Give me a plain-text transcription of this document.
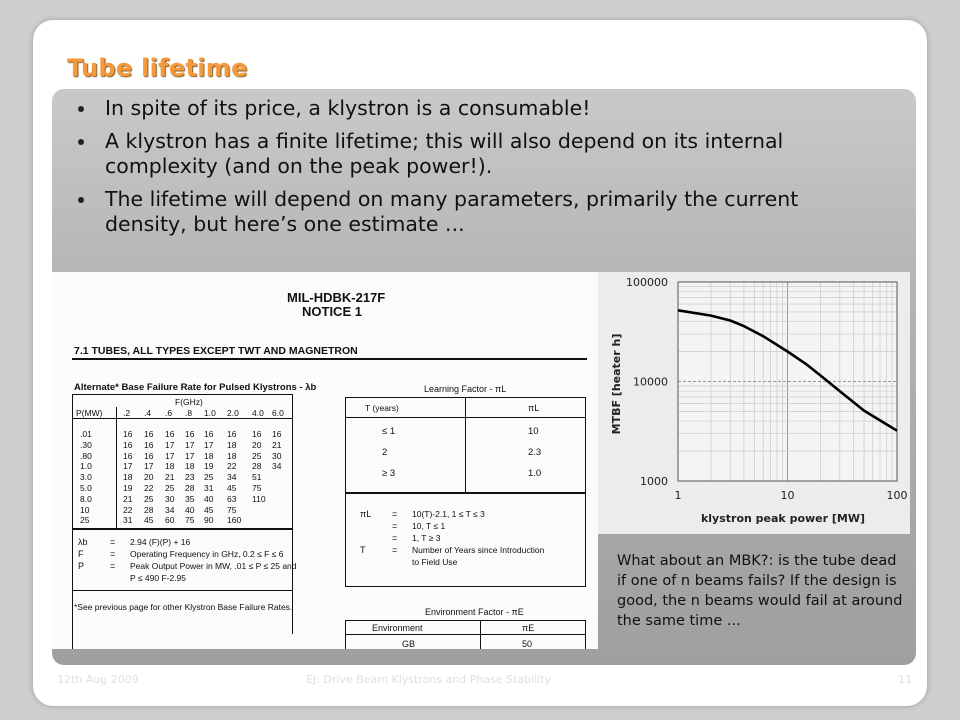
Tube lifetime
In spite of its price, a klystron is a consumable!
A klystron has a finite lifetime; this will also depend on its internal complexity (and on the peak power!).
The lifetime will depend on many parameters, primarily the current density, but here’s one estimate ...
MIL-HDBK-217F
NOTICE 1
7.1 TUBES, ALL TYPES EXCEPT TWT AND MAGNETRON
Alternate* Base Failure Rate for Pulsed Klystrons - λb
F(GHz)
P(MW) .2 .4 .6 .8 1.0 2.0 4.0 6.0
.01	16 16 16 16 16 16 16 16
.30	16 16 17 17 17 18 20 21
.80	16 16 17 17 18 18 25 30
1.0	17 17 18 18 19 22 28 34
3.0	18 20 21 23 25 34 51
5.0	19 22 25 28 31 45 75
8.0	21 25 30 35 40 63 110
10	22 28 34 40 45 75
25	31 45 60 75 90 160
λb = 2.94 (F)(P) + 16
F	= Operating Frequency in GHz, 0.2 ≤ F ≤ 6
P	= Peak Output Power in MW, .01 ≤ P ≤ 25 and
P ≤ 490 F-2.95
*See previous page for other Klystron Base Failure Rates.
Learning Factor - πL
T (years)	πL
≤ 1	10
2	2.3
≥ 3	1.0
πL = 10(T)-2.1, 1 ≤ T ≤ 3
= 10, T ≤ 1
= 1, T ≥ 3
T	= Number of Years since Introduction
to Field Use
Environment Factor - πE
Environment	πE
GB	50
klystron peak power [MW]
MTBF [heater h]
1	10	100
1000
10000
100000
What about an MBK?: is the tube dead if one of n beams fails? If the design is good, the n beams would fail at around the same time ...
12th Aug 2009	EJ: Drive Beam Klystrons and Phase Stability	11
